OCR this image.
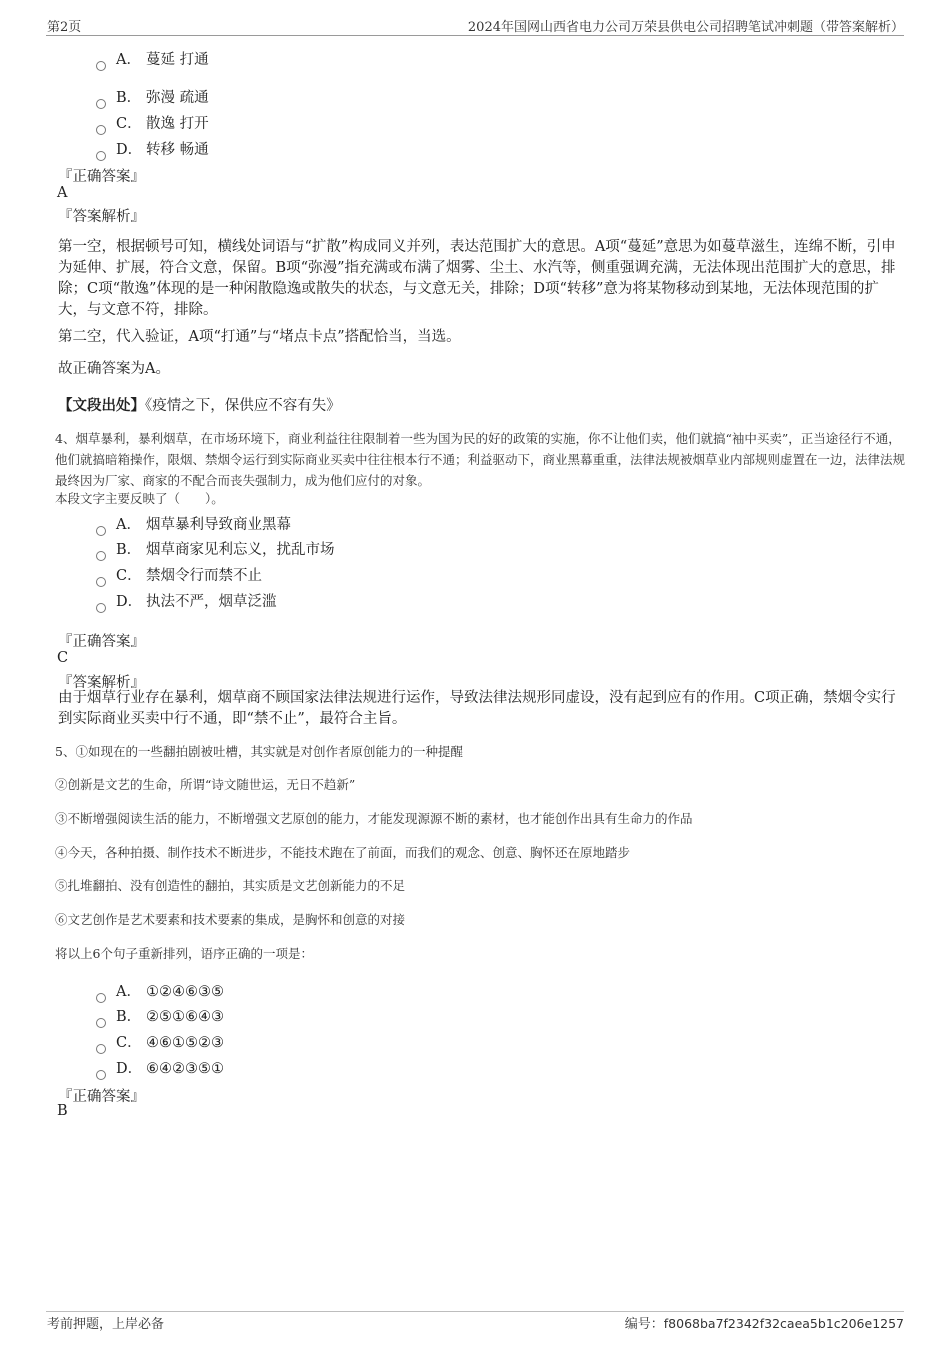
第2页	2024年国网山西省电力公司万荣县供电公司招聘笔试冲刺题（带答案解析）
A． 蔓延 打通
B． 弥漫 疏通
C． 散逸 打开
D． 转移 畅通
『正确答案』
A
『答案解析』
第一空，根据顿号可知，横线处词语与“扩散”构成同义并列，表达范围扩大的意思。A项“蔓延”意思为如蔓草滋生，连绵不断，引申为延伸、扩展，符合文意，保留。B项“弥漫”指充满或布满了烟雾、尘土、水汽等，侧重强调充满，无法体现出范围扩大的意思，排除；C项“散逸”体现的是一种闲散隐逸或散失的状态，与文意无关，排除；D项“转移”意为将某物移动到某地，无法体现范围的扩大，与文意不符，排除。
第二空，代入验证，A项“打通”与“堵点卡点”搭配恰当，当选。
故正确答案为A。
【文段出处】《疫情之下，保供应不容有失》
4、烟草暴利，暴利烟草，在市场环境下，商业利益往往限制着一些为国为民的好的政策的实施，你不让他们卖，他们就搞“袖中买卖”，正当途径行不通，他们就搞暗箱操作，限烟、禁烟令运行到实际商业买卖中往往根本行不通；利益驱动下，商业黑幕重重，法律法规被烟草业内部规则虚置在一边，法律法规最终因为厂家、商家的不配合而丧失强制力，成为他们应付的对象。
本段文字主要反映了（　　）。
A． 烟草暴利导致商业黑幕
B． 烟草商家见利忘义，扰乱市场
C． 禁烟令行而禁不止
D． 执法不严，烟草泛滥
『正确答案』
C
『答案解析』
由于烟草行业存在暴利，烟草商不顾国家法律法规进行运作，导致法律法规形同虚设，没有起到应有的作用。C项正确，禁烟令实行到实际商业买卖中行不通，即“禁不止”，最符合主旨。
5、①如现在的一些翻拍剧被吐槽，其实就是对创作者原创能力的一种提醒
②创新是文艺的生命，所谓“诗文随世运，无日不趋新”
③不断增强阅读生活的能力，不断增强文艺原创的能力，才能发现源源不断的素材，也才能创作出具有生命力的作品
④今天，各种拍摄、制作技术不断进步，不能技术跑在了前面，而我们的观念、创意、胸怀还在原地踏步
⑤扎堆翻拍、没有创造性的翻拍，其实质是文艺创新能力的不足
⑥文艺创作是艺术要素和技术要素的集成，是胸怀和创意的对接
将以上6个句子重新排列，语序正确的一项是：
A． ①②④⑥③⑤
B． ②⑤①⑥④③
C． ④⑥①⑤②③
D． ⑥④②③⑤①
『正确答案』
B
考前押题，上岸必备	编号：f8068ba7f2342f32caea5b1c206e1257
